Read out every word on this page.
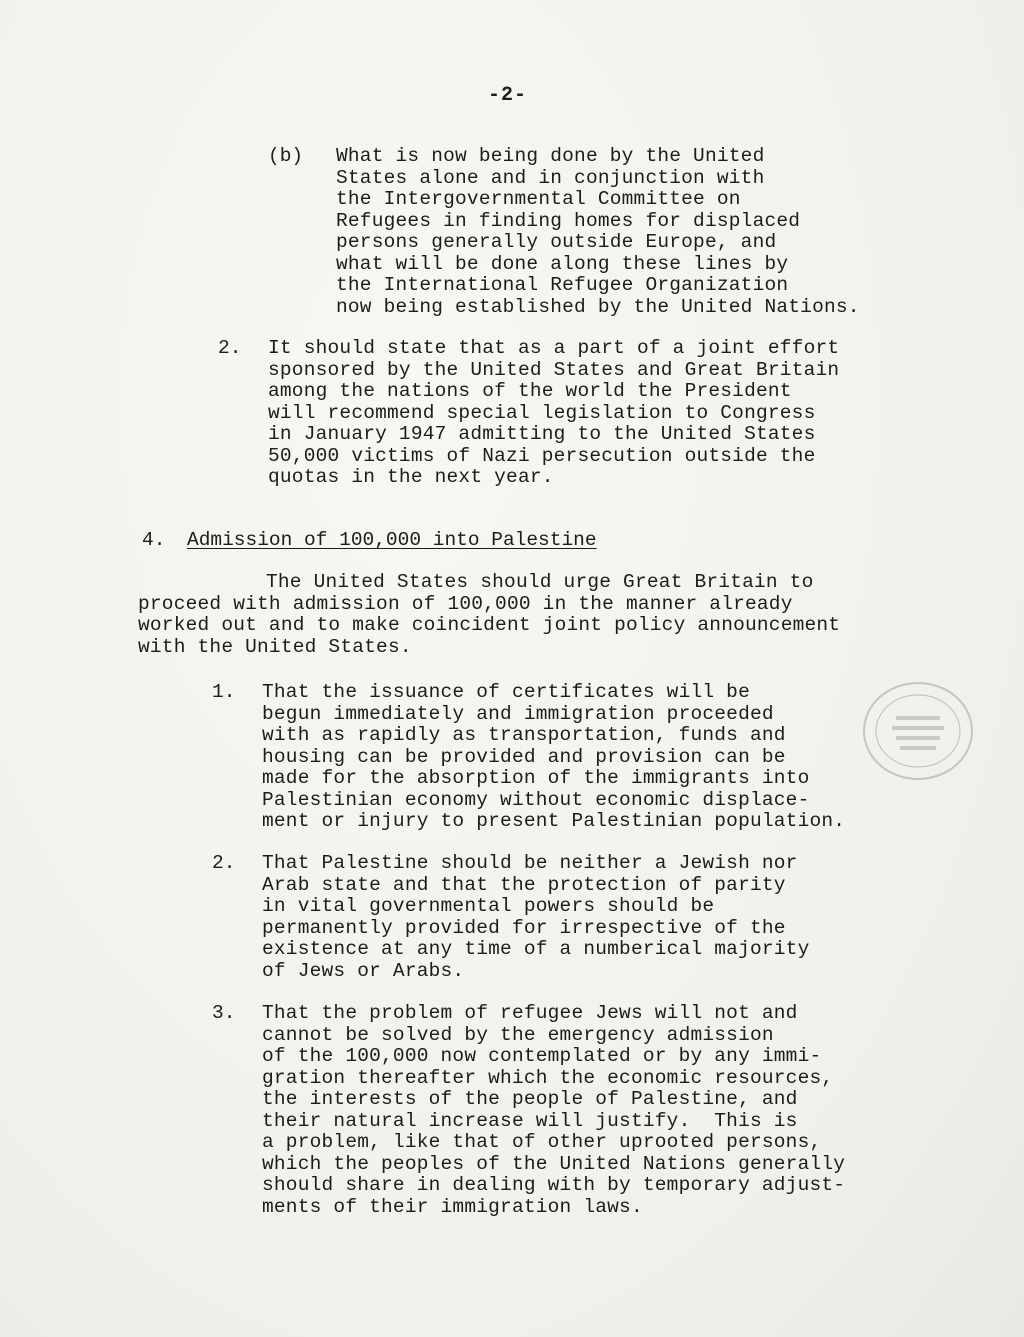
-2-
(b) What is now being done by the United
States alone and in conjunction with
the Intergovernmental Committee on
Refugees in finding homes for displaced
persons generally outside Europe, and
what will be done along these lines by
the International Refugee Organization
now being established by the United Nations.
2. It should state that as a part of a joint effort
sponsored by the United States and Great Britain
among the nations of the world the President
will recommend special legislation to Congress
in January 1947 admitting to the United States
50,000 victims of Nazi persecution outside the
quotas in the next year.
4. Admission of 100,000 into Palestine
The United States should urge Great Britain to
proceed with admission of 100,000 in the manner already
worked out and to make coincident joint policy announcement
with the United States.
1. That the issuance of certificates will be
begun immediately and immigration proceeded
with as rapidly as transportation, funds and
housing can be provided and provision can be
made for the absorption of the immigrants into
Palestinian economy without economic displace-
ment or injury to present Palestinian population.
2. That Palestine should be neither a Jewish nor
Arab state and that the protection of parity
in vital governmental powers should be
permanently provided for irrespective of the
existence at any time of a numberical majority
of Jews or Arabs.
3. That the problem of refugee Jews will not and
cannot be solved by the emergency admission
of the 100,000 now contemplated or by any immi-
gration thereafter which the economic resources,
the interests of the people of Palestine, and
their natural increase will justify.  This is
a problem, like that of other uprooted persons,
which the peoples of the United Nations generally
should share in dealing with by temporary adjust-
ments of their immigration laws.
